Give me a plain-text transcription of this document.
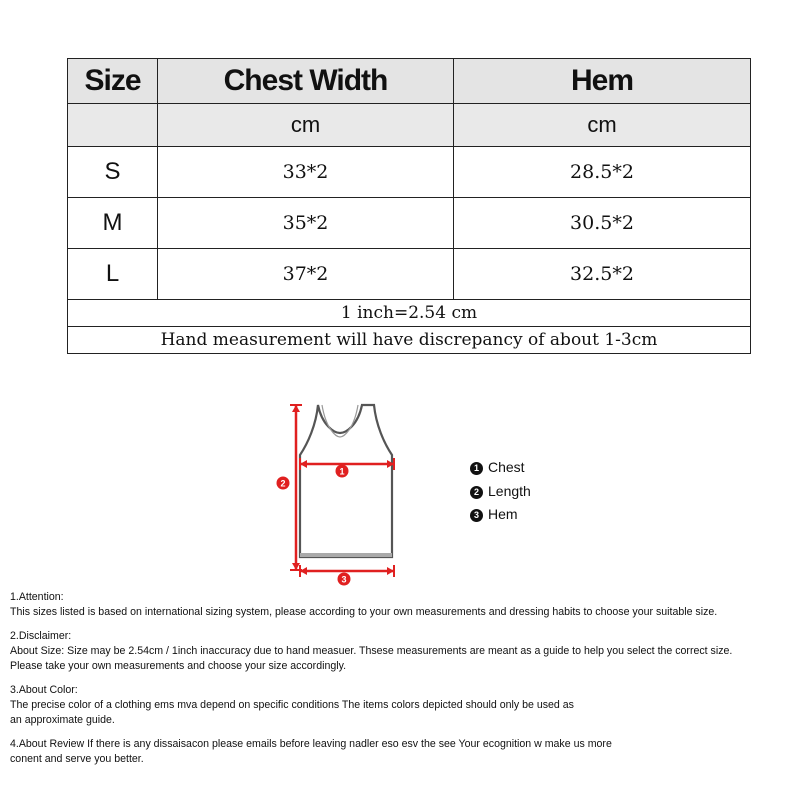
Size	Chest Width	Hem
	cm	cm
S	33*2	28.5*2
M	35*2	30.5*2
L	37*2	32.5*2
1 inch=2.54 cm		
Hand measurement will have discrepancy of about 1-3cm		
2
1
3
1 Chest
2 Length
3 Hem
1.Attention:
This sizes listed is based on international sizing system, please according to your own measurements and dressing habits to choose your suitable size.
2.Disclaimer:
About Size: Size may be 2.54cm / 1inch inaccuracy due to hand measuer. Thsese measurements are meant as a guide to help you select the correct size.
Please take your own measurements and choose your size accordingly.
3.About Color:
The precise color of a clothing ems mva depend on specific conditions The items colors depicted should only be used as
an approximate guide.
4.About Review If there is any dissaisacon please emails before leaving nadler eso esv the see Your ecognition w make us more
conent and serve you better.
